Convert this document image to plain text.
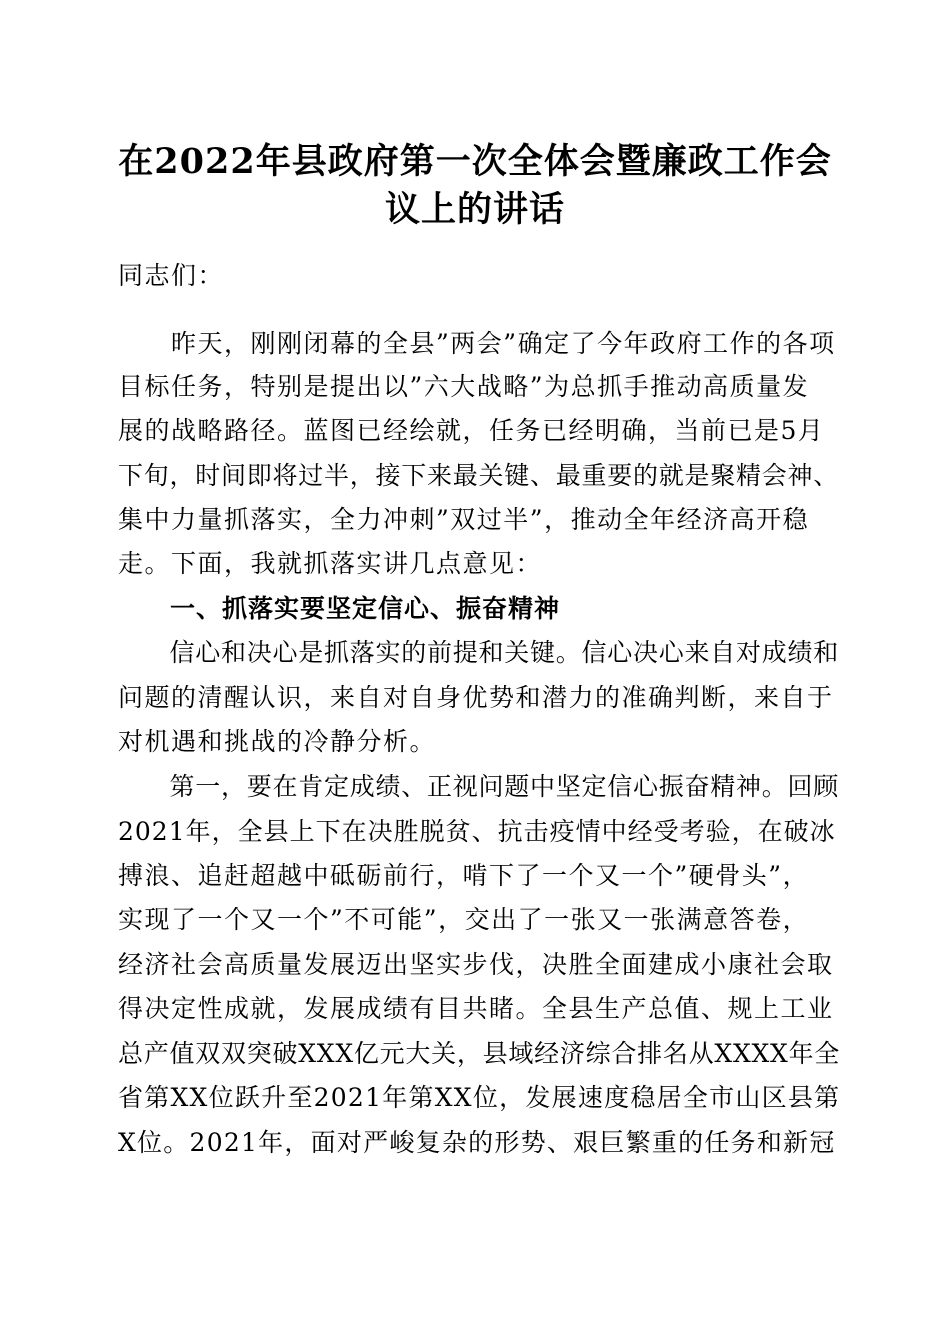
在2022年县政府第一次全体会暨廉政工作会
议上的讲话
同志们：
　　昨天，刚刚闭幕的全县”两会”确定了今年政府工作的各项
目标任务，特别是提出以”六大战略”为总抓手推动高质量发
展的战略路径。蓝图已经绘就，任务已经明确，当前已是5月
下旬，时间即将过半，接下来最关键、最重要的就是聚精会神、
集中力量抓落实，全力冲刺”双过半”，推动全年经济高开稳
走。下面，我就抓落实讲几点意见：
　　一、抓落实要坚定信心、振奋精神
　　信心和决心是抓落实的前提和关键。信心决心来自对成绩和
问题的清醒认识，来自对自身优势和潜力的准确判断，来自于
对机遇和挑战的冷静分析。
　　第一，要在肯定成绩、正视问题中坚定信心振奋精神。回顾
2021年，全县上下在决胜脱贫、抗击疫情中经受考验，在破冰
搏浪、追赶超越中砥砺前行，啃下了一个又一个”硬骨头”，
实现了一个又一个”不可能”，交出了一张又一张满意答卷，
经济社会高质量发展迈出坚实步伐，决胜全面建成小康社会取
得决定性成就，发展成绩有目共睹。全县生产总值、规上工业
总产值双双突破XXX亿元大关，县域经济综合排名从XXXX年全
省第XX位跃升至2021年第XX位，发展速度稳居全市山区县第
X位。2021年，面对严峻复杂的形势、艰巨繁重的任务和新冠
